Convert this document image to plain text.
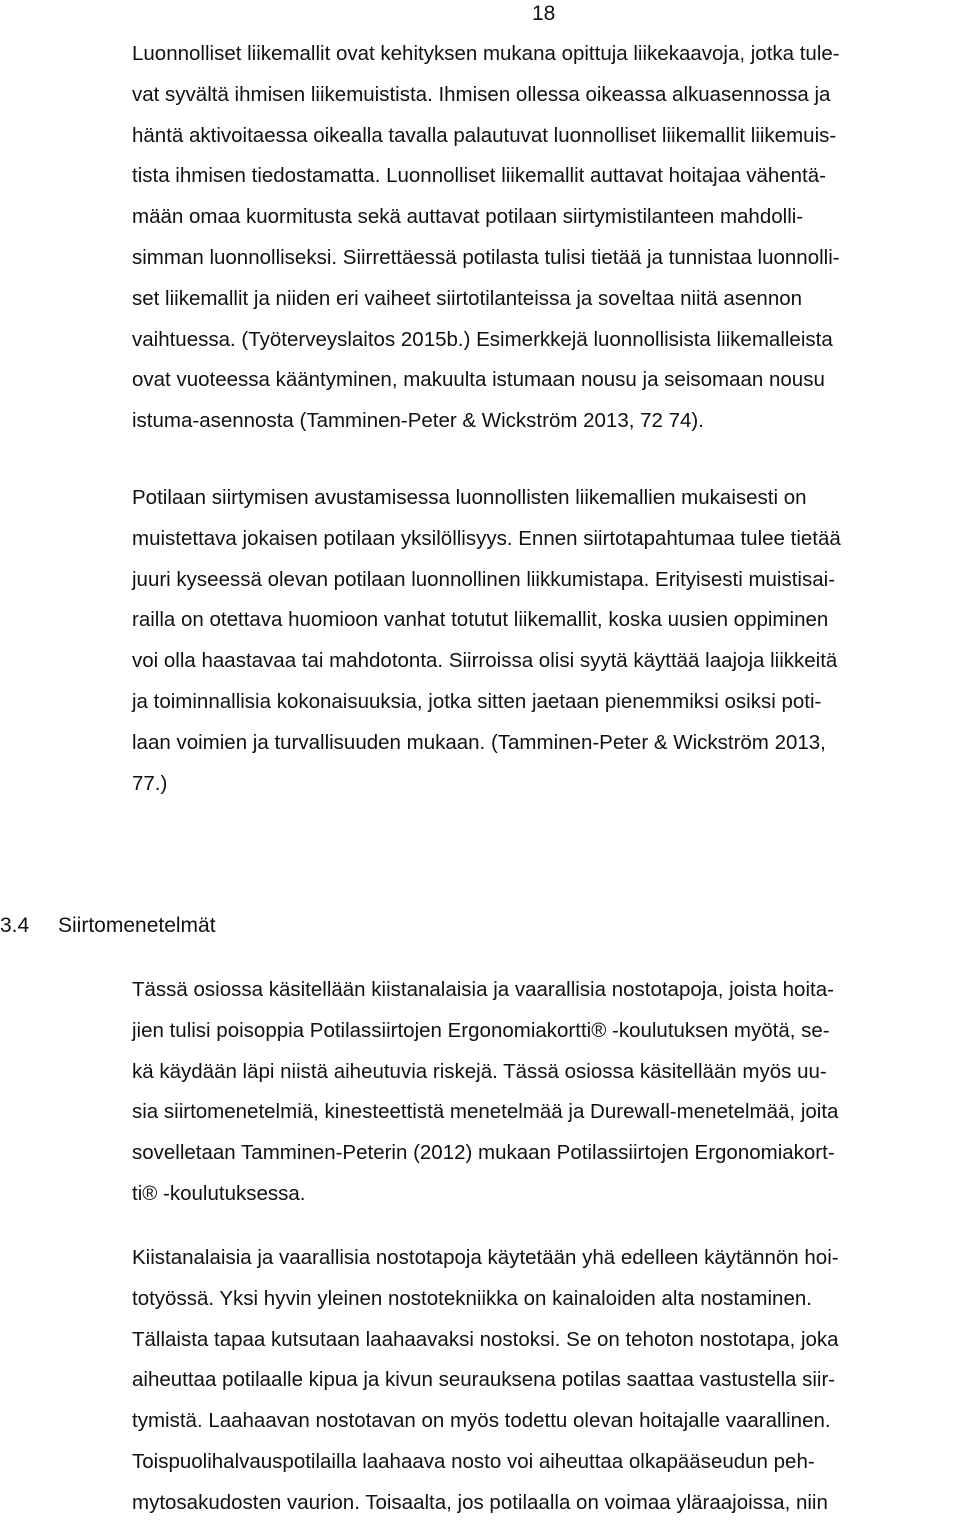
18
Luonnolliset liikemallit ovat kehityksen mukana opittuja liikekaavoja, jotka tule-
vat syvältä ihmisen liikemuistista. Ihmisen ollessa oikeassa alkuasennossa ja
häntä aktivoitaessa oikealla tavalla palautuvat luonnolliset liikemallit liikemuis-
tista ihmisen tiedostamatta. Luonnolliset liikemallit auttavat hoitajaa vähentä-
mään omaa kuormitusta sekä auttavat potilaan siirtymistilanteen mahdolli-
simman luonnolliseksi. Siirrettäessä potilasta tulisi tietää ja tunnistaa luonnolli-
set liikemallit ja niiden eri vaiheet siirtotilanteissa ja soveltaa niitä asennon
vaihtuessa. (Työterveyslaitos 2015b.) Esimerkkejä luonnollisista liikemalleista
ovat vuoteessa kääntyminen, makuulta istumaan nousu ja seisomaan nousu
istuma-asennosta (Tamminen-Peter & Wickström 2013, 72 74).
Potilaan siirtymisen avustamisessa luonnollisten liikemallien mukaisesti on
muistettava jokaisen potilaan yksilöllisyys. Ennen siirtotapahtumaa tulee tietää
juuri kyseessä olevan potilaan luonnollinen liikkumistapa. Erityisesti muistisai-
railla on otettava huomioon vanhat totutut liikemallit, koska uusien oppiminen
voi olla haastavaa tai mahdotonta. Siirroissa olisi syytä käyttää laajoja liikkeitä
ja toiminnallisia kokonaisuuksia, jotka sitten jaetaan pienemmiksi osiksi poti-
laan voimien ja turvallisuuden mukaan. (Tamminen-Peter & Wickström 2013,
77.)
3.4 Siirtomenetelmät
Tässä osiossa käsitellään kiistanalaisia ja vaarallisia nostotapoja, joista hoita-
jien tulisi poisoppia Potilassiirtojen Ergonomiakortti® -koulutuksen myötä, se-
kä käydään läpi niistä aiheutuvia riskejä. Tässä osiossa käsitellään myös uu-
sia siirtomenetelmiä, kinesteettistä menetelmää ja Durewall-menetelmää, joita
sovelletaan Tamminen-Peterin (2012) mukaan Potilassiirtojen Ergonomiakort-
ti® -koulutuksessa.
Kiistanalaisia ja vaarallisia nostotapoja käytetään yhä edelleen käytännön hoi-
totyössä. Yksi hyvin yleinen nostotekniikka on kainaloiden alta nostaminen.
Tällaista tapaa kutsutaan laahaavaksi nostoksi. Se on tehoton nostotapa, joka
aiheuttaa potilaalle kipua ja kivun seurauksena potilas saattaa vastustella siir-
tymistä. Laahaavan nostotavan on myös todettu olevan hoitajalle vaarallinen.
Toispuolihalvauspotilailla laahaava nosto voi aiheuttaa olkapääseudun peh-
mytosakudosten vaurion. Toisaalta, jos potilaalla on voimaa yläraajoissa, niin
